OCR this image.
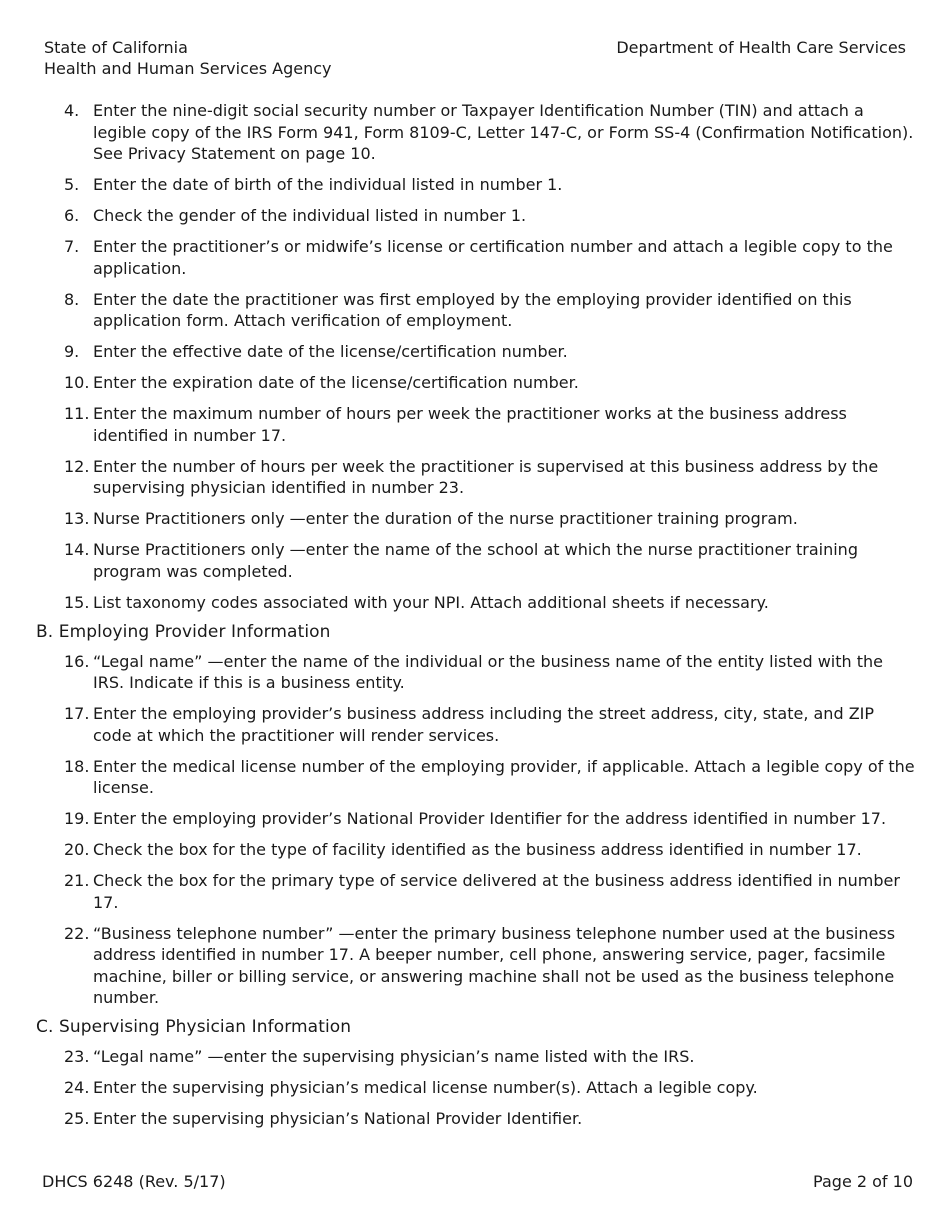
State of California
Health and Human Services Agency
Department of Health Care Services
4. Enter the nine-digit social security number or Taxpayer Identification Number (TIN) and attach a legible copy of the IRS Form 941, Form 8109-C, Letter 147-C, or Form SS-4 (Confirmation Notification). See Privacy Statement on page 10.
5. Enter the date of birth of the individual listed in number 1.
6. Check the gender of the individual listed in number 1.
7. Enter the practitioner’s or midwife’s license or certification number and attach a legible copy to the application.
8. Enter the date the practitioner was first employed by the employing provider identified on this application form. Attach verification of employment.
9. Enter the effective date of the license/certification number.
10. Enter the expiration date of the license/certification number.
11. Enter the maximum number of hours per week the practitioner works at the business address identified in number 17.
12. Enter the number of hours per week the practitioner is supervised at this business address by the supervising physician identified in number 23.
13. Nurse Practitioners only —enter the duration of the nurse practitioner training program.
14. Nurse Practitioners only —enter the name of the school at which the nurse practitioner training program was completed.
15. List taxonomy codes associated with your NPI. Attach additional sheets if necessary.
B. Employing Provider Information
16. “Legal name” —enter the name of the individual or the business name of the entity listed with the IRS. Indicate if this is a business entity.
17. Enter the employing provider’s business address including the street address, city, state, and ZIP code at which the practitioner will render services.
18. Enter the medical license number of the employing provider, if applicable. Attach a legible copy of the license.
19. Enter the employing provider’s National Provider Identifier for the address identified in number 17.
20. Check the box for the type of facility identified as the business address identified in number 17.
21. Check the box for the primary type of service delivered at the business address identified in number 17.
22. “Business telephone number” —enter the primary business telephone number used at the business address identified in number 17. A beeper number, cell phone, answering service, pager, facsimile machine, biller or billing service, or answering machine shall not be used as the business telephone number.
C. Supervising Physician Information
23. “Legal name” —enter the supervising physician’s name listed with the IRS.
24. Enter the supervising physician’s medical license number(s). Attach a legible copy.
25. Enter the supervising physician’s National Provider Identifier.
DHCS 6248 (Rev. 5/17)	Page 2 of 10
